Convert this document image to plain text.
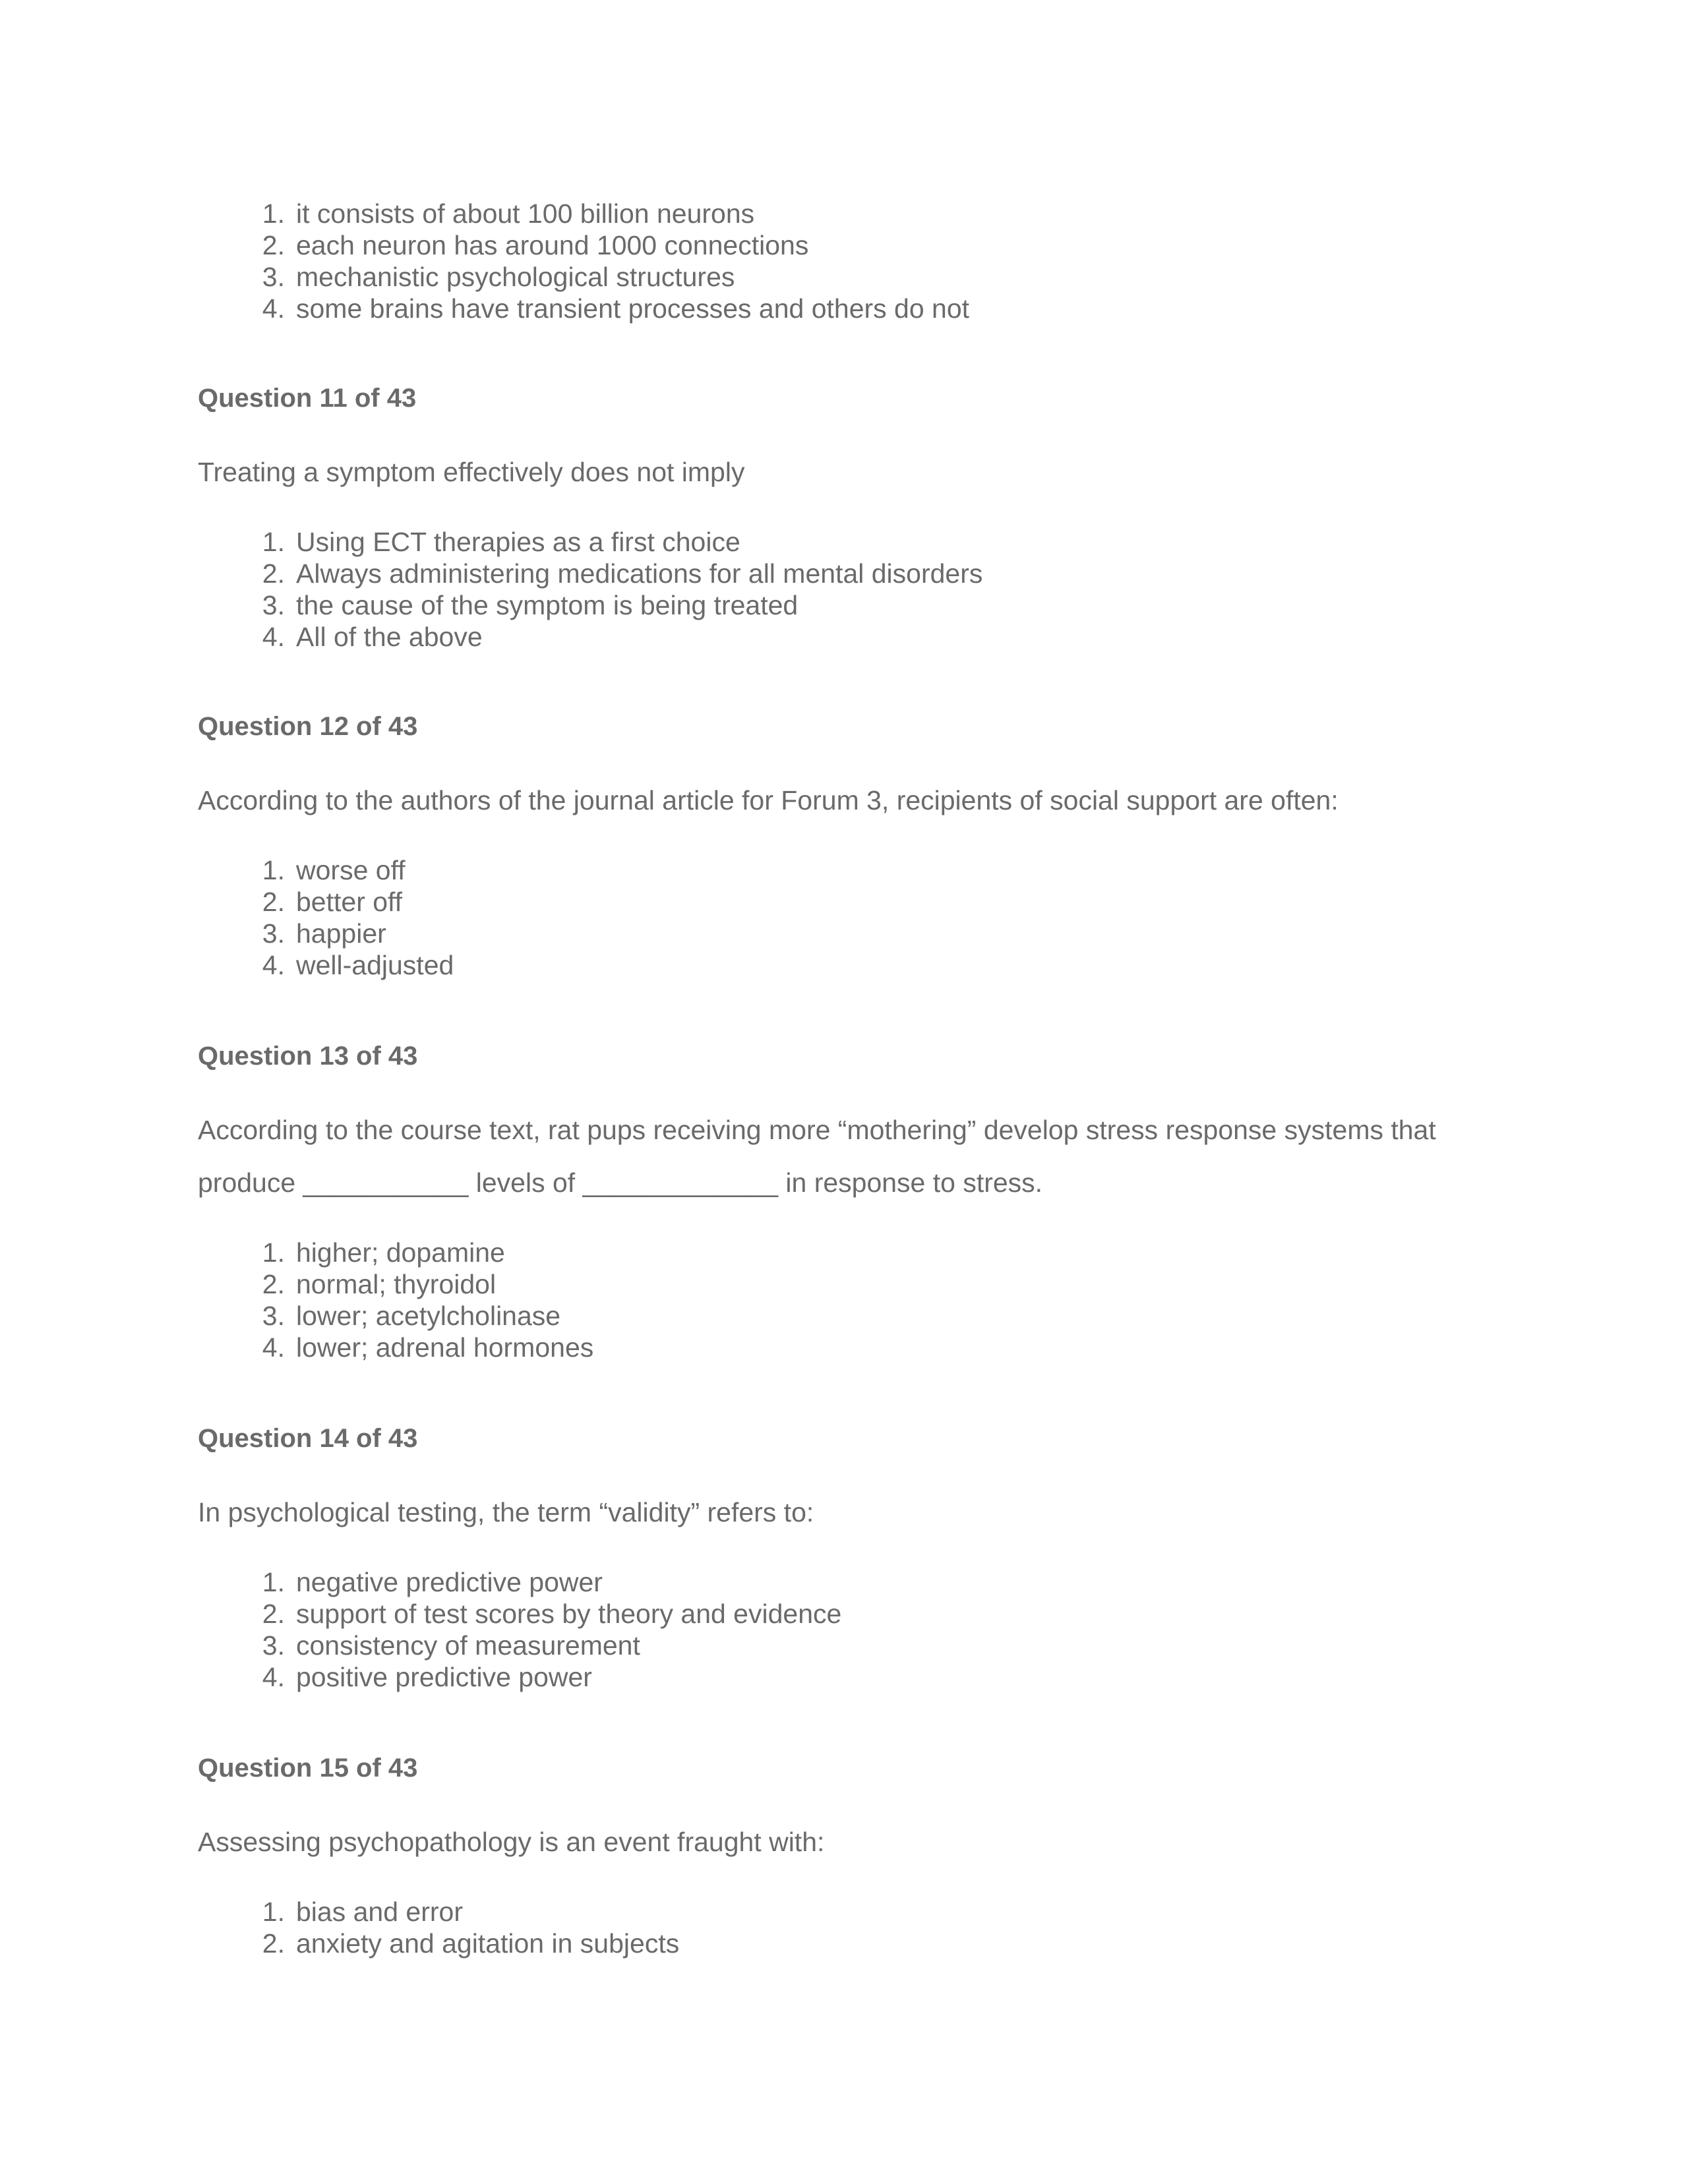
1. it consists of about 100 billion neurons
2. each neuron has around 1000 connections
3. mechanistic psychological structures
4. some brains have transient processes and others do not
Question 11 of 43
Treating a symptom effectively does not imply
1. Using ECT therapies as a first choice
2. Always administering medications for all mental disorders
3. the cause of the symptom is being treated
4. All of the above
Question 12 of 43
According to the authors of the journal article for Forum 3, recipients of social support are often:
1. worse off
2. better off
3. happier
4. well-adjusted
Question 13 of 43
According to the course text, rat pups receiving more “mothering” develop stress response systems that
produce ___________ levels of _____________ in response to stress.
1. higher; dopamine
2. normal; thyroidol
3. lower; acetylcholinase
4. lower; adrenal hormones
Question 14 of 43
In psychological testing, the term “validity” refers to:
1. negative predictive power
2. support of test scores by theory and evidence
3. consistency of measurement
4. positive predictive power
Question 15 of 43
Assessing psychopathology is an event fraught with:
1. bias and error
2. anxiety and agitation in subjects
